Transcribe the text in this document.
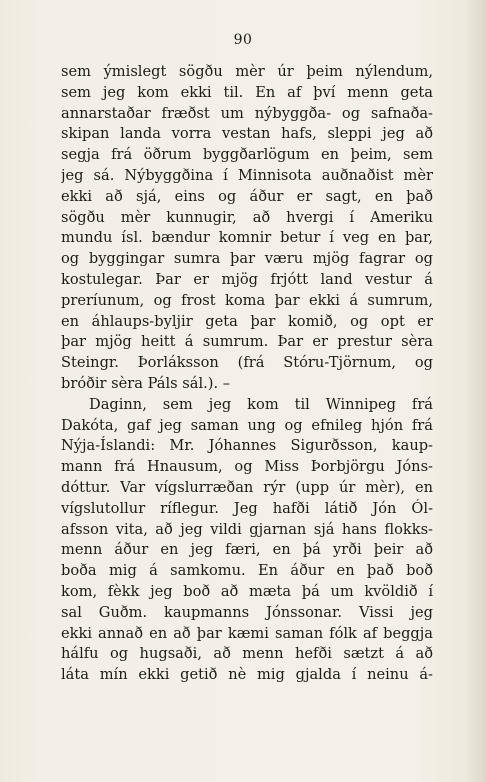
90
sem ýmislegt sögðu mèr úr þeim nýlendum,
sem jeg kom ekki til. En af því menn geta
annarstaðar fræðst um nýbyggða- og safnaða-
skipan landa vorra vestan hafs, sleppi jeg að
segja frá öðrum byggðarlögum en þeim, sem
jeg sá. Nýbyggðina í Minnisota auðnaðist mèr
ekki að sjá, eins og áður er sagt, en það
sögðu mèr kunnugir, að hvergi í Ameriku
mundu ísl. bændur komnir betur í veg en þar,
og byggingar sumra þar væru mjög fagrar og
kostulegar. Þar er mjög frjótt land vestur á
preríunum, og frost koma þar ekki á sumrum,
en áhlaups-byljir geta þar komið, og opt er
þar mjög heitt á sumrum. Þar er prestur sèra
Steingr. Þorláksson (frá Stóru-Tjörnum, og
bróðir sèra Páls sál.). –
Daginn, sem jeg kom til Winnipeg frá
Dakóta, gaf jeg saman ung og efnileg hjón frá
Nýja-Íslandi: Mr. Jóhannes Sigurðsson, kaup-
mann frá Hnausum, og Miss Þorbjörgu Jóns-
dóttur. Var vígslurræðan rýr (upp úr mèr), en
vígslutollur ríflegur. Jeg hafði látið Jón Ól-
afsson vita, að jeg vildi gjarnan sjá hans flokks-
menn áður en jeg færi, en þá yrði þeir að
boða mig á samkomu. En áður en það boð
kom, fèkk jeg boð að mæta þá um kvöldið í
sal Guðm. kaupmanns Jónssonar. Vissi jeg
ekki annað en að þar kæmi saman fólk af beggja
hálfu og hugsaði, að menn hefði sætzt á að
láta mín ekki getið nè mig gjalda í neinu á-
